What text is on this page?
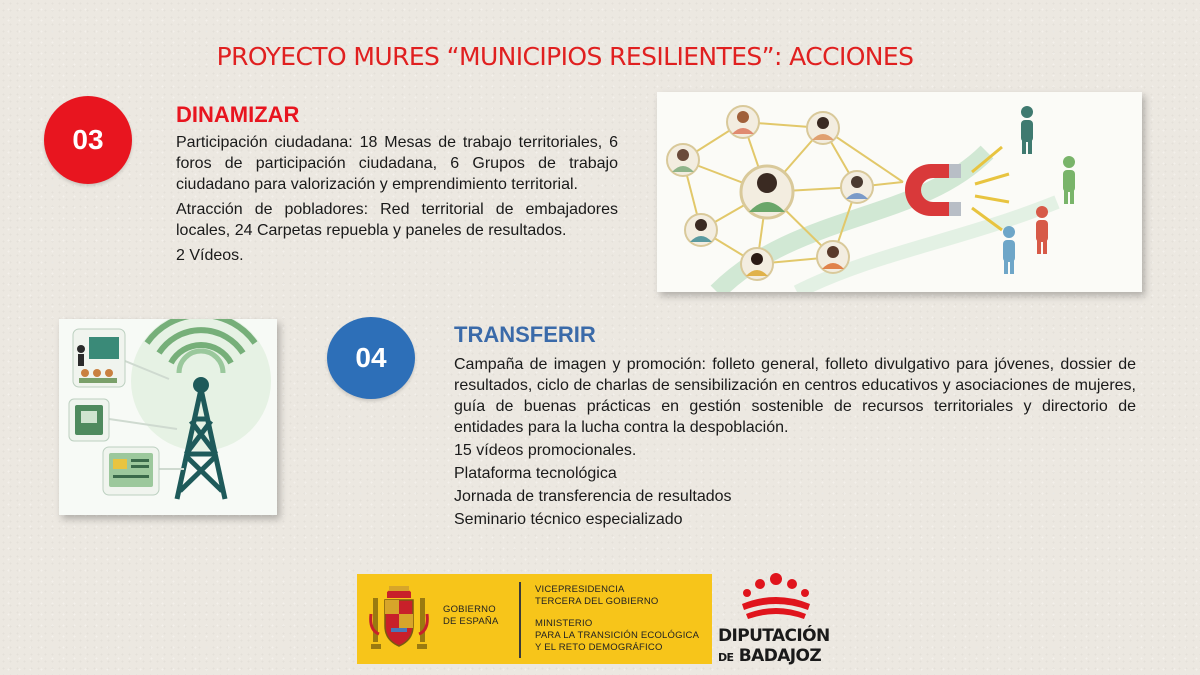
PROYECTO MURES “MUNICIPIOS RESILIENTES”: ACCIONES
03
DINAMIZAR

Participación ciudadana: 18 Mesas de trabajo territoriales, 6 foros de participación ciudadana, 6 Grupos de trabajo ciudadano para valorización y emprendimiento territorial.

Atracción de pobladores: Red territorial de embajadores locales, 24 Carpetas repuebla y paneles de resultados.

2 Vídeos.

04
TRANSFERIR

Campaña de imagen y promoción: folleto general, folleto divulgativo para jóvenes, dossier de resultados, ciclo de charlas de sensibilización en centros educativos y asociaciones de mujeres, guía de buenas prácticas en gestión sostenible de recursos territoriales y directorio de entidades para la lucha contra la despoblación.

15 vídeos promocionales.

Plataforma tecnológica

Jornada de transferencia de resultados

Seminario técnico especializado

GOBIERNO
DE ESPAÑA
VICEPRESIDENCIA
TERCERA DEL GOBIERNO
MINISTERIO
PARA LA TRANSICIÓN ECOLÓGICA
Y EL RETO DEMOGRÁFICO
DIPUTACIÓN
DE BADAJOZ
